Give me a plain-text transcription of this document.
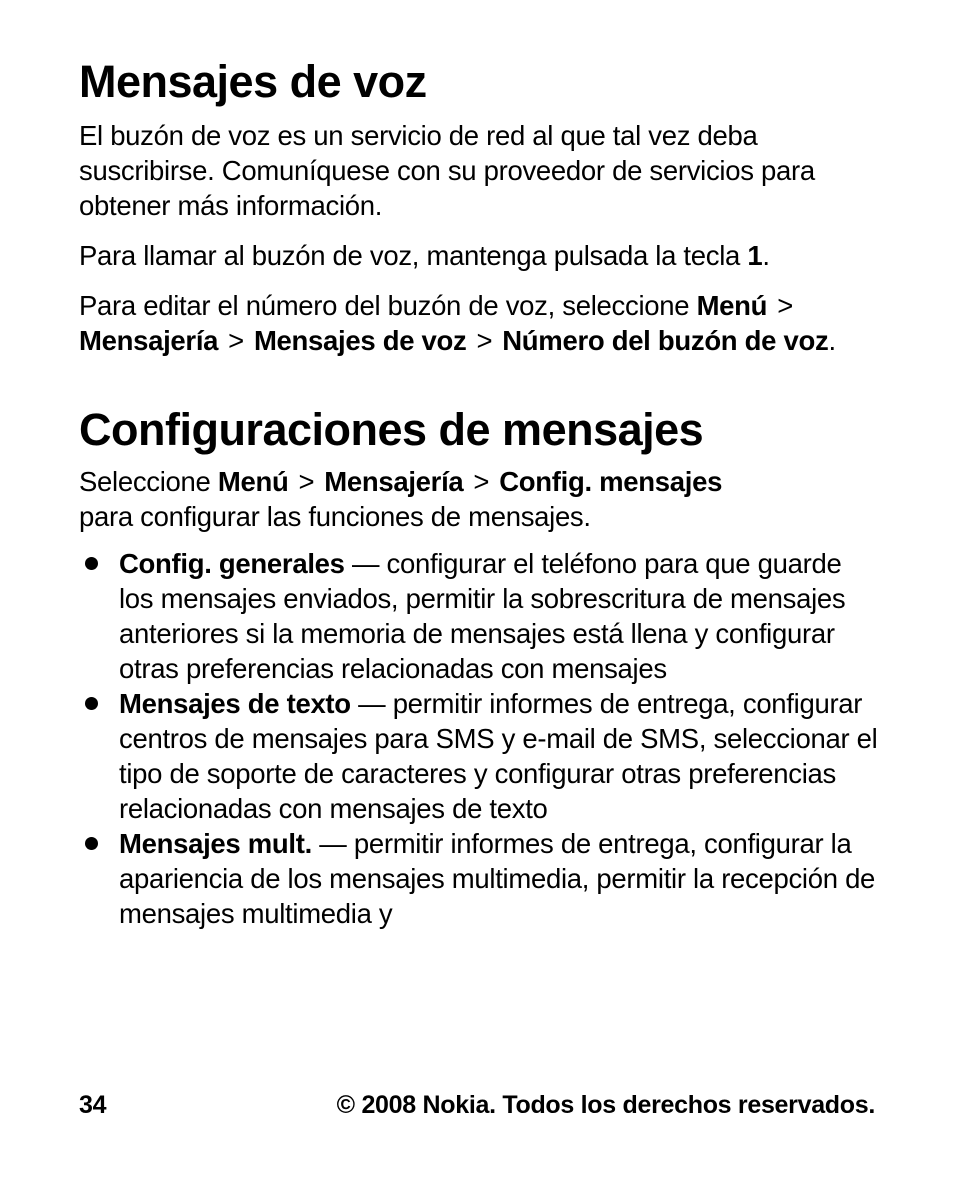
Mensajes de voz

El buzón de voz es un servicio de red al que tal vez deba suscribirse. Comuníquese con su proveedor de servicios para obtener más información.

Para llamar al buzón de voz, mantenga pulsada la tecla 1.

Para editar el número del buzón de voz, seleccione Menú >Mensajería > Mensajes de voz > Número del buzón de voz.

Configuraciones de mensajes

Seleccione Menú > Mensajería > Config. mensajes
para configurar las funciones de mensajes.

Config. generales — configurar el teléfono para que guarde los mensajes enviados, permitir la sobrescritura de mensajes anteriores si la memoria de mensajes está llena y configurar otras preferencias relacionadas con mensajes
Mensajes de texto — permitir informes de entrega, configurar centros de mensajes para SMS y e-mail de SMS, seleccionar el tipo de soporte de caracteres y configurar otras preferencias relacionadas con mensajes de texto
Mensajes mult. — permitir informes de entrega, configurar la apariencia de los mensajes multimedia, permitir la recepción de mensajes multimedia y
34	© 2008 Nokia. Todos los derechos reservados.
